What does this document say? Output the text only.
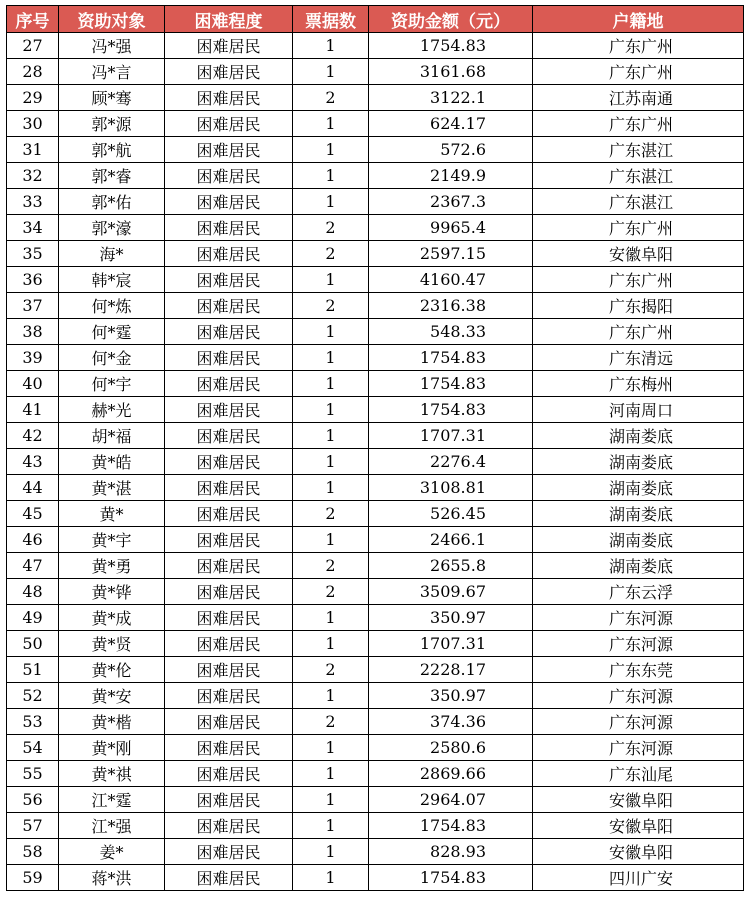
序号	资助对象	困难程度	票据数	资助金额（元）	户籍地
27	冯*强	困难居民	1	1754.83	广东广州
28	冯*言	困难居民	1	3161.68	广东广州
29	顾*骞	困难居民	2	3122.1	江苏南通
30	郭*源	困难居民	1	624.17	广东广州
31	郭*航	困难居民	1	572.6	广东湛江
32	郭*睿	困难居民	1	2149.9	广东湛江
33	郭*佑	困难居民	1	2367.3	广东湛江
34	郭*濠	困难居民	2	9965.4	广东广州
35	海*	困难居民	2	2597.15	安徽阜阳
36	韩*宸	困难居民	1	4160.47	广东广州
37	何*炼	困难居民	2	2316.38	广东揭阳
38	何*霆	困难居民	1	548.33	广东广州
39	何*金	困难居民	1	1754.83	广东清远
40	何*宇	困难居民	1	1754.83	广东梅州
41	赫*光	困难居民	1	1754.83	河南周口
42	胡*福	困难居民	1	1707.31	湖南娄底
43	黄*皓	困难居民	1	2276.4	湖南娄底
44	黄*湛	困难居民	1	3108.81	湖南娄底
45	黄*	困难居民	2	526.45	湖南娄底
46	黄*宇	困难居民	1	2466.1	湖南娄底
47	黄*勇	困难居民	2	2655.8	湖南娄底
48	黄*铧	困难居民	2	3509.67	广东云浮
49	黄*成	困难居民	1	350.97	广东河源
50	黄*贤	困难居民	1	1707.31	广东河源
51	黄*伦	困难居民	2	2228.17	广东东莞
52	黄*安	困难居民	1	350.97	广东河源
53	黄*楷	困难居民	2	374.36	广东河源
54	黄*刚	困难居民	1	2580.6	广东河源
55	黄*祺	困难居民	1	2869.66	广东汕尾
56	江*霆	困难居民	1	2964.07	安徽阜阳
57	江*强	困难居民	1	1754.83	安徽阜阳
58	姜*	困难居民	1	828.93	安徽阜阳
59	蒋*洪	困难居民	1	1754.83	四川广安
